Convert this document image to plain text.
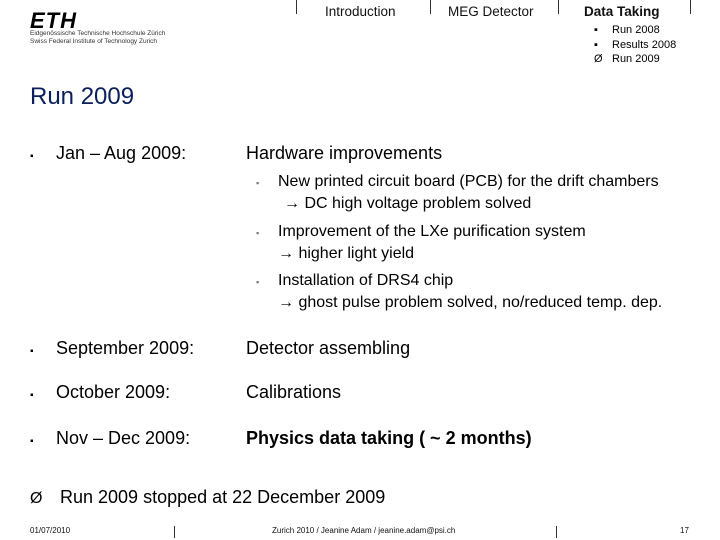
ETH
Eidgenössische Technische Hochschule Zürich
Swiss Federal Institute of Technology Zurich
Introduction	MEG Detector	Data Taking
▪ Run 2008
▪ Results 2008
Ø Run 2009
Run 2009
▪ Jan – Aug 2009:	Hardware improvements
▪ New printed circuit board (PCB) for the drift chambers
→ DC high voltage problem solved
▪ Improvement of the LXe purification system
→ higher light yield
▪ Installation of DRS4 chip
→ ghost pulse problem solved, no/reduced temp. dep.
▪ September 2009:	Detector assembling
▪ October 2009:	Calibrations
▪ Nov – Dec 2009:	Physics data taking ( ~ 2 months)
Ø Run 2009 stopped at 22 December 2009
01/07/2010	Zurich 2010 / Jeanine Adam / jeanine.adam@psi.ch	17
